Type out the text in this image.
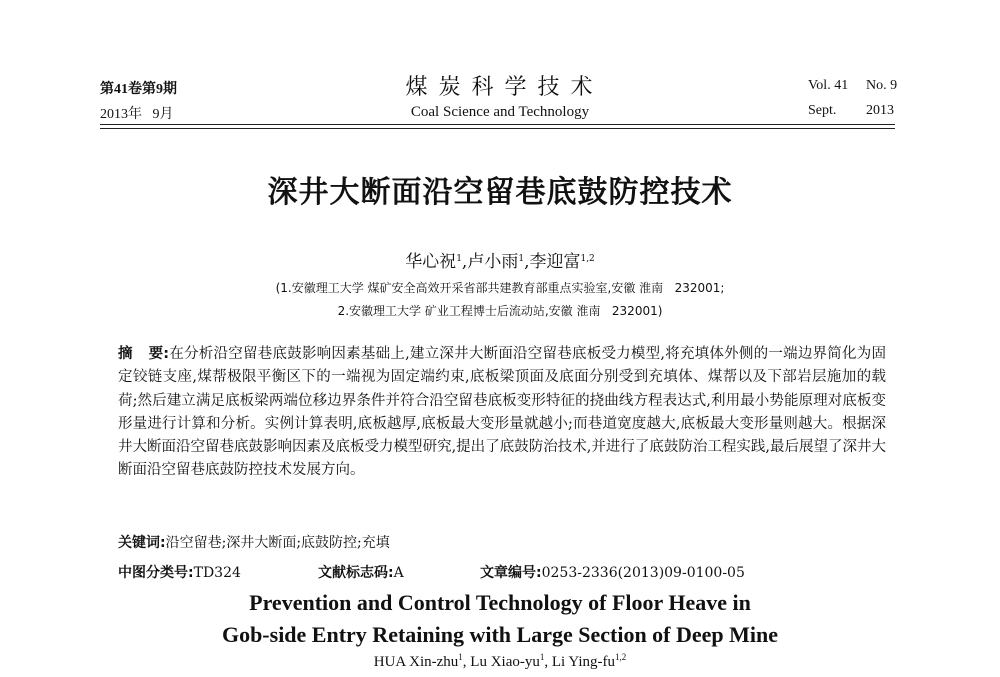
第41卷第9期
2013年   9月
煤 炭 科 学 技 术
Coal Science and Technology
Vol. 41 No. 9
Sept. 2013
深井大断面沿空留巷底鼓防控技术
华心祝$^1$,卢小雨$^1$,李迎富$^{1,2}$
(1.安徽理工大学 煤矿安全高效开采省部共建教育部重点实验室,安徽 淮南   232001;
2.安徽理工大学 矿业工程博士后流动站,安徽 淮南   232001)
摘   要:在分析沿空留巷底鼓影响因素基础上,建立深井大断面沿空留巷底板受力模型,将充填体外侧的一端边界简化为固定铰链支座,煤帮极限平衡区下的一端视为固定端约束,底板梁顶面及底面分别受到充填体、煤帮以及下部岩层施加的载荷;然后建立满足底板梁两端位移边界条件并符合沿空留巷底板变形特征的挠曲线方程表达式,利用最小势能原理对底板变形量进行计算和分析。实例计算表明,底板越厚,底板最大变形量就越小;而巷道宽度越大,底板最大变形量则越大。根据深井大断面沿空留巷底鼓影响因素及底板受力模型研究,提出了底鼓防治技术,并进行了底鼓防治工程实践,最后展望了深井大断面沿空留巷底鼓防控技术发展方向。
关键词:沿空留巷;深井大断面;底鼓防控;充填
中图分类号:TD324	文献标志码:A	文章编号:0253-2336(2013)09-0100-05
Prevention and Control Technology of Floor Heave in
Gob-side Entry Retaining with Large Section of Deep Mine
HUA Xin-zhu$^1$, Lu Xiao-$yu^1$, Li Ying-fu$^{1,2}$
